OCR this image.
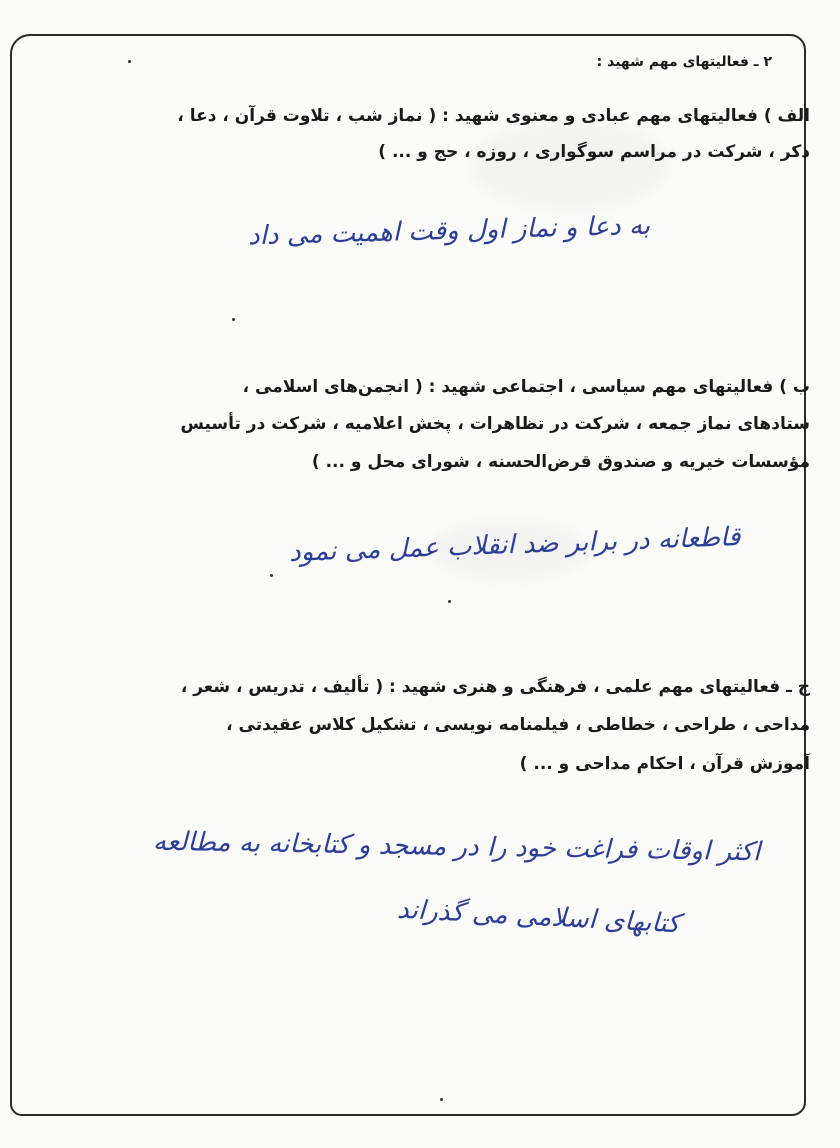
٢ ـ فعالیتهای مهم شهید :
الف ) فعالیتهای مهم عبادی و معنوی شهید : ( نماز شب ، تلاوت قرآن ، دعا ،
ذکر ، شرکت در مراسم سوگواری ، روزه ، حج و ... )
به دعا و نماز اول وقت اهمیت می داد
ب ) فعالیتهای مهم سیاسی ، اجتماعی شهید : ( انجمن‌های اسلامی ،
ستادهای نماز جمعه ، شرکت در تظاهرات ، پخش اعلامیه ، شرکت در تأسیس
مؤسسات خیریه و صندوق قرض‌الحسنه ، شورای محل و ... )
قاطعانه در برابر ضد انقلاب عمل می نمود
ج ـ فعالیتهای مهم علمی ، فرهنگی و هنری شهید : ( تألیف ، تدریس ، شعر ،
مداحی ، طراحی ، خطاطی ، فیلمنامه نویسی ، تشکیل کلاس عقیدتی ،
آموزش قرآن ، احکام مداحی و ... )
اکثر اوقات فراغت خود را در مسجد و کتابخانه به مطالعه
کتابهای اسلامی می گذراند
